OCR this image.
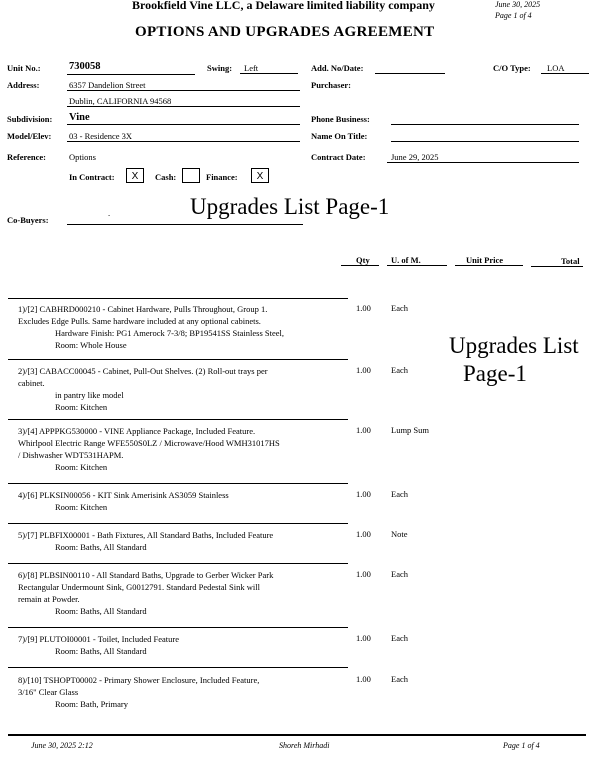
Brookfield Vine LLC, a Delaware limited liability company	June 30, 2025
Page 1 of 4
OPTIONS AND UPGRADES AGREEMENT
Unit No.:	730058	Swing: Left	Add. No/Date:	C/O Type: LOA
Address:	6357 Dandelion Street
Dublin, CALIFORNIA 94568
Purchaser:
Subdivision: Vine	Phone Business:
Model/Elev: 03 - Residence 3X	Name On Title:
Reference:	Options	Contract Date:	June 29, 2025
In Contract:	X	Cash:	Finance:	X
Co-Buyers:
.	Upgrades List Page-1
Qty	U. of M.	Unit Price	Total
Upgrades List
Page-1
1)/[2] CABHRD000210 - Cabinet Hardware, Pulls Throughout, Group 1.
Excludes Edge Pulls. Same hardware included at any optional cabinets.
Hardware Finish: PG1 Amerock 7-3/8; BP19541SS Stainless Steel,
Room: Whole House
1.00 Each
2)/[3] CABACC00045 - Cabinet, Pull-Out Shelves. (2) Roll-out trays per
cabinet.
in pantry like model
Room: Kitchen
1.00 Each
3)/[4] APPPKG530000 - VINE Appliance Package, Included Feature.
Whirlpool Electric Range WFE550S0LZ / Microwave/Hood WMH31017HS
/ Dishwasher WDT531HAPM.
Room: Kitchen
1.00 Lump Sum
4)/[6] PLKSIN00056 - KIT Sink Amerisink AS3059 Stainless
Room: Kitchen
1.00 Each
5)/[7] PLBFIX00001 - Bath Fixtures, All Standard Baths, Included Feature
Room: Baths, All Standard
1.00 Note
6)/[8] PLBSIN00110 - All Standard Baths, Upgrade to Gerber Wicker Park
Rectangular Undermount Sink, G0012791. Standard Pedestal Sink will
remain at Powder.
Room: Baths, All Standard
1.00 Each
7)/[9] PLUTOI00001 - Toilet, Included Feature
Room: Baths, All Standard
1.00 Each
8)/[10] TSHOPT00002 - Primary Shower Enclosure, Included Feature,
3/16" Clear Glass
Room: Bath, Primary
1.00 Each
June 30, 2025 2:12	Shoreh Mirhadi	Page 1 of 4
